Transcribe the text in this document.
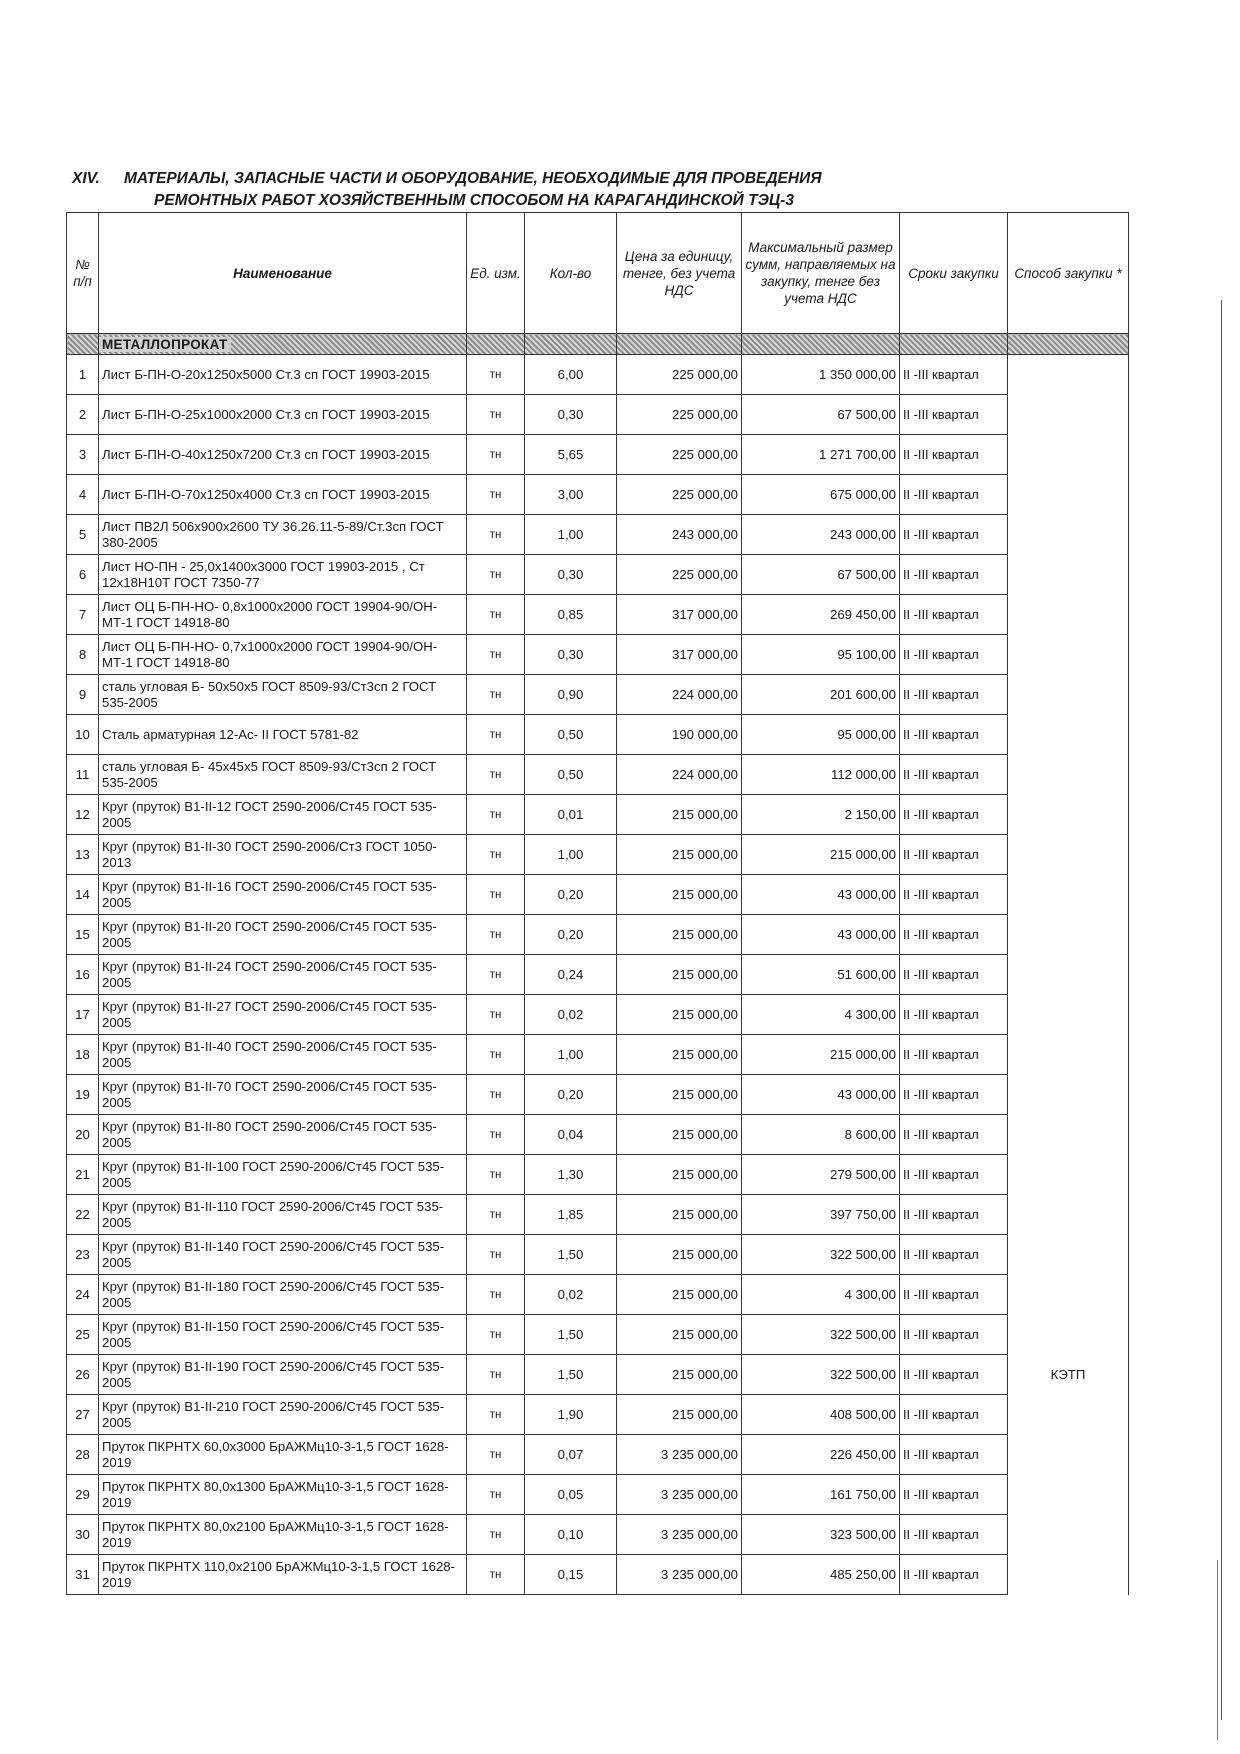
XIV. МАТЕРИАЛЫ, ЗАПАСНЫЕ ЧАСТИ И ОБОРУДОВАНИЕ, НЕОБХОДИМЫЕ ДЛЯ ПРОВЕДЕНИЯ
РЕМОНТНЫХ РАБОТ ХОЗЯЙСТВЕННЫМ СПОСОБОМ НА КАРАГАНДИНСКОЙ ТЭЦ-3
№ п/п	Наименование	Ед. изм.	Кол-во	Цена за единицу, тенге, без учета НДС	Максимальный размер сумм, направляемых на закупку, тенге без учета НДС	Сроки закупки	Способ закупки *
	МЕТАЛЛОПРОКАТ						
1	Лист Б-ПН-О-20х1250х5000 Ст.3 сп ГОСТ 19903-2015	тн	6,00	225 000,00	1 350 000,00	II -III квартал	
2	Лист Б-ПН-О-25х1000х2000 Ст.3 сп ГОСТ 19903-2015	тн	0,30	225 000,00	67 500,00	II -III квартал	
3	Лист Б-ПН-О-40х1250х7200 Ст.3 сп ГОСТ 19903-2015	тн	5,65	225 000,00	1 271 700,00	II -III квартал	
4	Лист Б-ПН-О-70х1250х4000 Ст.3 сп ГОСТ 19903-2015	тн	3,00	225 000,00	675 000,00	II -III квартал	
5	Лист ПВ2Л 506х900х2600 ТУ 36.26.11-5-89/Ст.3сп ГОСТ 380-2005	тн	1,00	243 000,00	243 000,00	II -III квартал	
6	Лист НО-ПН - 25,0х1400х3000 ГОСТ 19903-2015 , Ст 12х18Н10Т ГОСТ 7350-77	тн	0,30	225 000,00	67 500,00	II -III квартал	
7	Лист ОЦ Б-ПН-НО- 0,8х1000х2000 ГОСТ 19904-90/ОН-МТ-1 ГОСТ 14918-80	тн	0,85	317 000,00	269 450,00	II -III квартал	
8	Лист ОЦ Б-ПН-НО- 0,7х1000х2000 ГОСТ 19904-90/ОН-МТ-1 ГОСТ 14918-80	тн	0,30	317 000,00	95 100,00	II -III квартал	
9	сталь угловая Б- 50х50х5 ГОСТ 8509-93/Ст3сп 2 ГОСТ 535-2005	тн	0,90	224 000,00	201 600,00	II -III квартал	
10	Сталь арматурная 12-Ас- II ГОСТ 5781-82	тн	0,50	190 000,00	95 000,00	II -III квартал	
11	сталь угловая Б- 45х45х5 ГОСТ 8509-93/Ст3сп 2 ГОСТ 535-2005	тн	0,50	224 000,00	112 000,00	II -III квартал	
12	Круг (пруток) В1-II-12 ГОСТ 2590-2006/Ст45 ГОСТ 535-2005	тн	0,01	215 000,00	2 150,00	II -III квартал	
13	Круг (пруток) В1-II-30 ГОСТ 2590-2006/Ст3 ГОСТ 1050-2013	тн	1,00	215 000,00	215 000,00	II -III квартал	
14	Круг (пруток) В1-II-16 ГОСТ 2590-2006/Ст45 ГОСТ 535-2005	тн	0,20	215 000,00	43 000,00	II -III квартал	
15	Круг (пруток) В1-II-20 ГОСТ 2590-2006/Ст45 ГОСТ 535-2005	тн	0,20	215 000,00	43 000,00	II -III квартал	
16	Круг (пруток) В1-II-24 ГОСТ 2590-2006/Ст45 ГОСТ 535-2005	тн	0,24	215 000,00	51 600,00	II -III квартал	
17	Круг (пруток) В1-II-27 ГОСТ 2590-2006/Ст45 ГОСТ 535-2005	тн	0,02	215 000,00	4 300,00	II -III квартал	
18	Круг (пруток) В1-II-40 ГОСТ 2590-2006/Ст45 ГОСТ 535-2005	тн	1,00	215 000,00	215 000,00	II -III квартал	
19	Круг (пруток) В1-II-70 ГОСТ 2590-2006/Ст45 ГОСТ 535-2005	тн	0,20	215 000,00	43 000,00	II -III квартал	
20	Круг (пруток) В1-II-80 ГОСТ 2590-2006/Ст45 ГОСТ 535-2005	тн	0,04	215 000,00	8 600,00	II -III квартал	
21	Круг (пруток) В1-II-100 ГОСТ 2590-2006/Ст45 ГОСТ 535-2005	тн	1,30	215 000,00	279 500,00	II -III квартал	
22	Круг (пруток) В1-II-110 ГОСТ 2590-2006/Ст45 ГОСТ 535-2005	тн	1,85	215 000,00	397 750,00	II -III квартал	
23	Круг (пруток) В1-II-140 ГОСТ 2590-2006/Ст45 ГОСТ 535-2005	тн	1,50	215 000,00	322 500,00	II -III квартал	
24	Круг (пруток) В1-II-180 ГОСТ 2590-2006/Ст45 ГОСТ 535-2005	тн	0,02	215 000,00	4 300,00	II -III квартал	
25	Круг (пруток) В1-II-150 ГОСТ 2590-2006/Ст45 ГОСТ 535-2005	тн	1,50	215 000,00	322 500,00	II -III квартал	
26	Круг (пруток) В1-II-190 ГОСТ 2590-2006/Ст45 ГОСТ 535-2005	тн	1,50	215 000,00	322 500,00	II -III квартал	КЭТП
27	Круг (пруток) В1-II-210 ГОСТ 2590-2006/Ст45 ГОСТ 535-2005	тн	1,90	215 000,00	408 500,00	II -III квартал	
28	Пруток ПКРНТХ 60,0х3000 БрАЖМц10-3-1,5 ГОСТ 1628-2019	тн	0,07	3 235 000,00	226 450,00	II -III квартал	
29	Пруток ПКРНТХ 80,0х1300 БрАЖМц10-3-1,5 ГОСТ 1628-2019	тн	0,05	3 235 000,00	161 750,00	II -III квартал	
30	Пруток ПКРНТХ 80,0х2100 БрАЖМц10-3-1,5 ГОСТ 1628-2019	тн	0,10	3 235 000,00	323 500,00	II -III квартал	
31	Пруток ПКРНТХ 110,0х2100 БрАЖМц10-3-1,5 ГОСТ 1628-2019	тн	0,15	3 235 000,00	485 250,00	II -III квартал	
